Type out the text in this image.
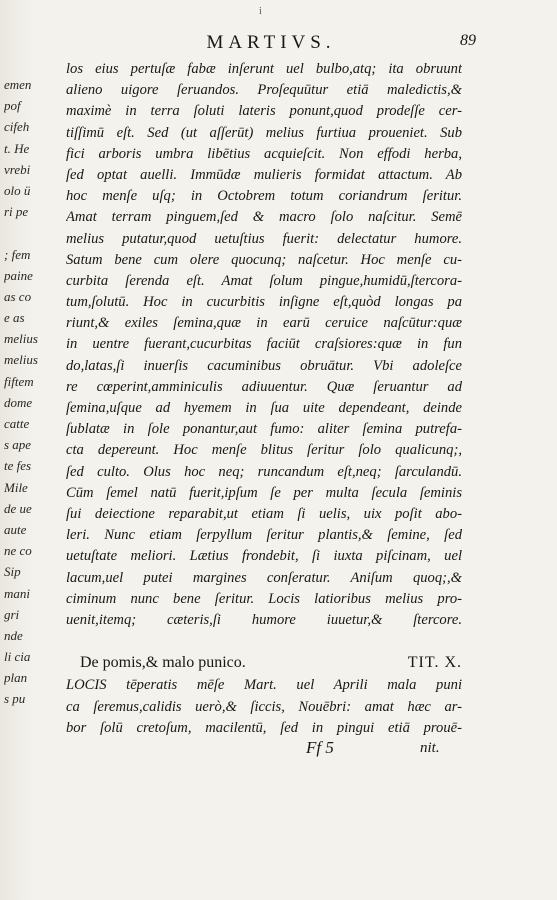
emen
pof
cifeh
t. He
vrebi
olo ü
ri pe
; fem
paine
as co
e as
melius
melius
fiftem
dome
catte
s ape
te fes
Mile
de ue
aute
ne co
Sip
mani
gri
nde
li cia
plan
s pu
i
MARTIVS.	89
los eius pertuſæ fabæ inſerunt uel bulbo,atq; ita obruunt
alieno uigore ſeruandos. Proſequūtur etiā maledictis,&
maximè in terra ſoluti lateris ponunt,quod prodeſſe cer-
tiſſimū eſt. Sed (ut aſſerūt) melius furtiua proueniet. Sub
fici arboris umbra libētius acquieſcit. Non effodi herba,
ſed optat auelli. Immūdæ mulieris formidat attactum. Ab
hoc menſe uſq; in Octobrem totum coriandrum ſeritur.
Amat terram pinguem,ſed & macro ſolo naſcitur. Semē
melius putatur,quod uetuſtius fuerit: delectatur humore.
Satum bene cum olere quocunq; naſcetur. Hoc menſe cu-
curbita ſerenda eſt. Amat ſolum pingue,humidū,ſtercora-
tum,ſolutū. Hoc in cucurbitis inſigne eſt,quòd longas pa
riunt,& exiles ſemina,quæ in earū ceruice naſcūtur:quæ
in uentre fuerant,cucurbitas faciūt craſsiores:quæ in fun
do,latas,ſi inuerſis cacuminibus obruātur. Vbi adoleſce
re cœperint,amminiculis adiuuentur. Quæ ſeruantur ad
ſemina,uſque ad hyemem in ſua uite dependeant, deinde
ſublatæ in ſole ponantur,aut fumo: aliter ſemina putrefa-
cta depereunt. Hoc menſe blitus ſeritur ſolo qualicunq;,
ſed culto. Olus hoc neq; runcandum eſt,neq; ſarculandū.
Cūm ſemel natū fuerit,ipſum ſe per multa ſecula ſeminis
ſui deiectione reparabit,ut etiam ſi uelis, uix poſit abo-
leri. Nunc etiam ſerpyllum ſeritur plantis,& ſemine, ſed
uetuſtate meliori. Lætius frondebit, ſi iuxta piſcinam, uel
lacum,uel putei margines conſeratur. Aniſum quoq;,&
ciminum nunc bene ſeritur. Locis latioribus melius pro-
uenit,itemq; cæteris,ſi humore iuuetur,& ſtercore.
De pomis,& malo punico.	TIT. X.
LOCIS tēperatis mēſe Mart. uel Aprili mala puni
ca ſeremus,calidis uerò,& ſiccis, Nouēbri: amat hæc ar-
bor ſolū cretoſum, macilentū, ſed in pingui etiā prouē-
Ff 5	nit.
